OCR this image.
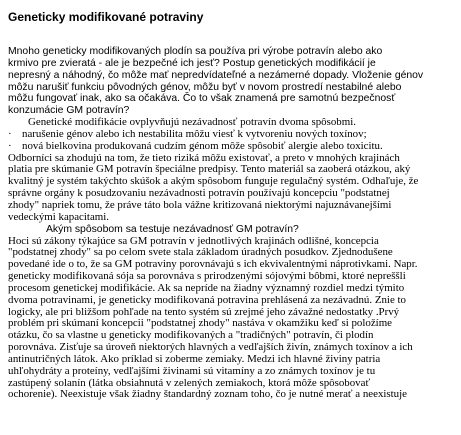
Geneticky modifikované potraviny
Mnoho geneticky modifikovaných plodín sa používa pri výrobe potravín alebo ako
krmivo pre zvieratá - ale je bezpečné ich jesť? Postup genetických modifikácií je
nepresný a náhodný, čo môže mať nepredvídateľné a nezámerné dopady. Vloženie génov
môžu narušiť funkciu pôvodných génov, môžu byť v novom prostredí nestabilné alebo
môžu fungovať inak, ako sa očakáva. Čo to však znamená pre samotnú bezpečnosť
konzumácie GM potravín?
Genetické modifikácie ovplyvňujú nezávadnosť potravín dvoma spôsobmi.
· narušenie génov alebo ich nestabilita môžu viesť k vytvoreniu nových toxínov;
· nová bielkovina produkovaná cudzím génom môže spôsobiť alergie alebo toxicitu.
Odborníci sa zhodujú na tom, že tieto riziká môžu existovať, a preto v mnohých krajinách
platia pre skúmanie GM potravín špeciálne predpisy. Tento materiál sa zaoberá otázkou, aký
kvalitný je systém takýchto skúšok a akým spôsobom funguje regulačný systém. Odhaľuje, že
správne orgány k posudzovaniu nezávadnosti potravín používajú koncepciu "podstatnej
zhody" napriek tomu, že práve táto bola vážne kritizovaná niektorými najuznávanejšími
vedeckými kapacitami.
Akým spôsobom sa testuje nezávadnosť GM potravín?
Hoci sú zákony týkajúce sa GM potravín v jednotlivých krajinách odlišné, koncepcia
"podstatnej zhody" sa po celom svete stala základom úradných posudkov. Zjednodušene
povedané ide o to, že sa GM potraviny porovnávajú s ich ekvivalentnými náprotivkami. Napr.
geneticky modifikovaná sója sa porovnáva s prirodzenými sójovými bôbmi, ktoré nepreššli
procesom genetickej modifikácie. Ak sa nepríde na žiadny významný rozdiel medzi týmito
dvoma potravinami, je geneticky modifikovaná potravina prehlásená za nezávadnú. Znie to
logicky, ale pri bližšom pohľade na tento systém sú zrejmé jeho závažné nedostatky .Prvý
problém pri skúmaní koncepcii "podstatnej zhody" nastáva v okamžiku keď si položíme
otázku, čo sa vlastne u geneticky modifikovaných a "tradičných" potravín, či plodín
porovnáva. Zisťuje sa úroveň niektorých hlavných a vedľajších živín, známych toxínov a ich
antinutričných látok. Ako príklad si zoberme zemiaky. Medzi ich hlavné živiny patria
uhľohydráty a proteíny, vedľajšími živinami sú vitamíny a zo známych toxínov je tu
zastúpený solanín (látka obsiahnutá v zelených zemiakoch, ktorá môže spôsobovať
ochorenie). Neexistuje však žiadny štandardný zoznam toho, čo je nutné merať a neexistuje
